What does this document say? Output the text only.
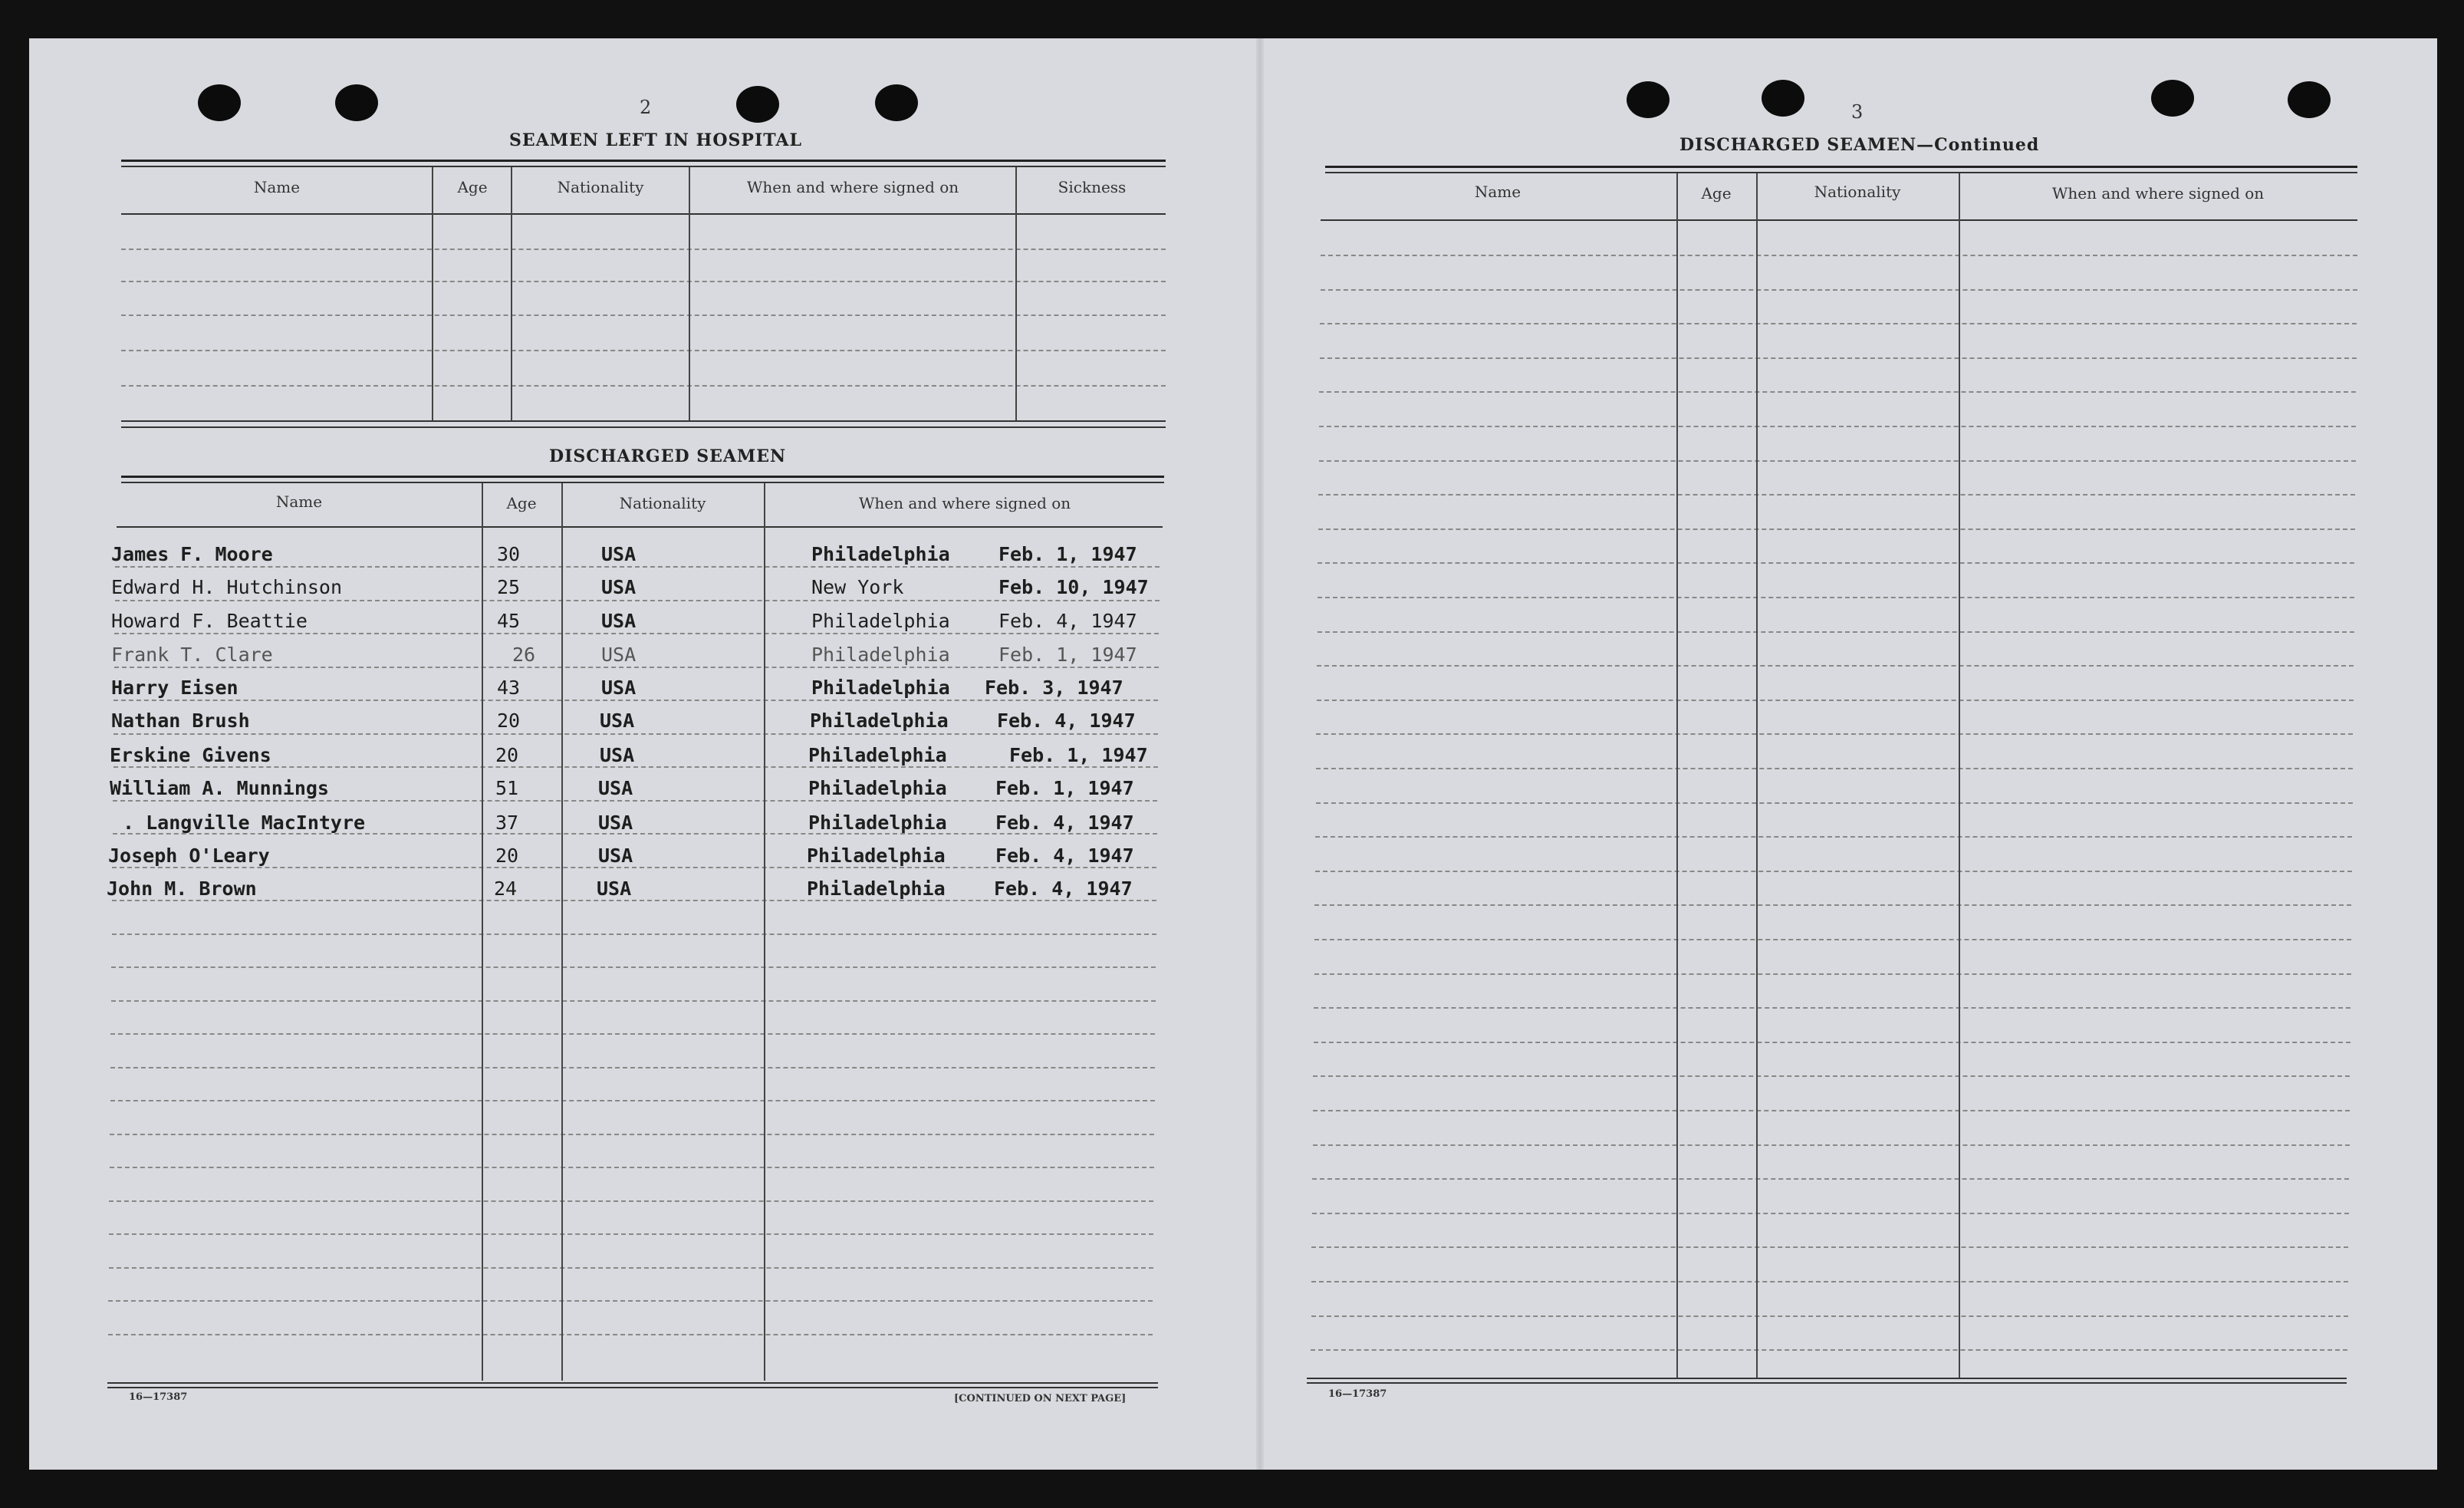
2
SEAMEN LEFT IN HOSPITAL
Name	Age	Nationality	When and where signed on	Sickness
DISCHARGED SEAMEN
Name	Age	Nationality	When and where signed on
James F. Moore	30	USA	Philadelphia	Feb. 1, 1947
Edward H. Hutchinson	25	USA	New York	Feb. 10, 1947
Howard F. Beattie	45	USA	Philadelphia	Feb. 4, 1947
Frank T. Clare	26	USA	Philadelphia	Feb. 1, 1947
Harry Eisen	43	USA	Philadelphia Feb. 3, 1947
Nathan Brush	20	USA	Philadelphia	Feb. 4, 1947
Erskine Givens	20	USA	Philadelphia	Feb. 1, 1947
William A. Munnings	51	USA	Philadelphia	Feb. 1, 1947
. Langville MacIntyre	37	USA	Philadelphia	Feb. 4, 1947
Joseph O'Leary	20	USA	Philadelphia	Feb. 4, 1947
John M. Brown	24	USA	Philadelphia	Feb. 4, 1947
16—17387	[CONTINUED ON NEXT PAGE]
3
DISCHARGED SEAMEN—Continued
Name	Age	Nationality	When and where signed on
16—17387
